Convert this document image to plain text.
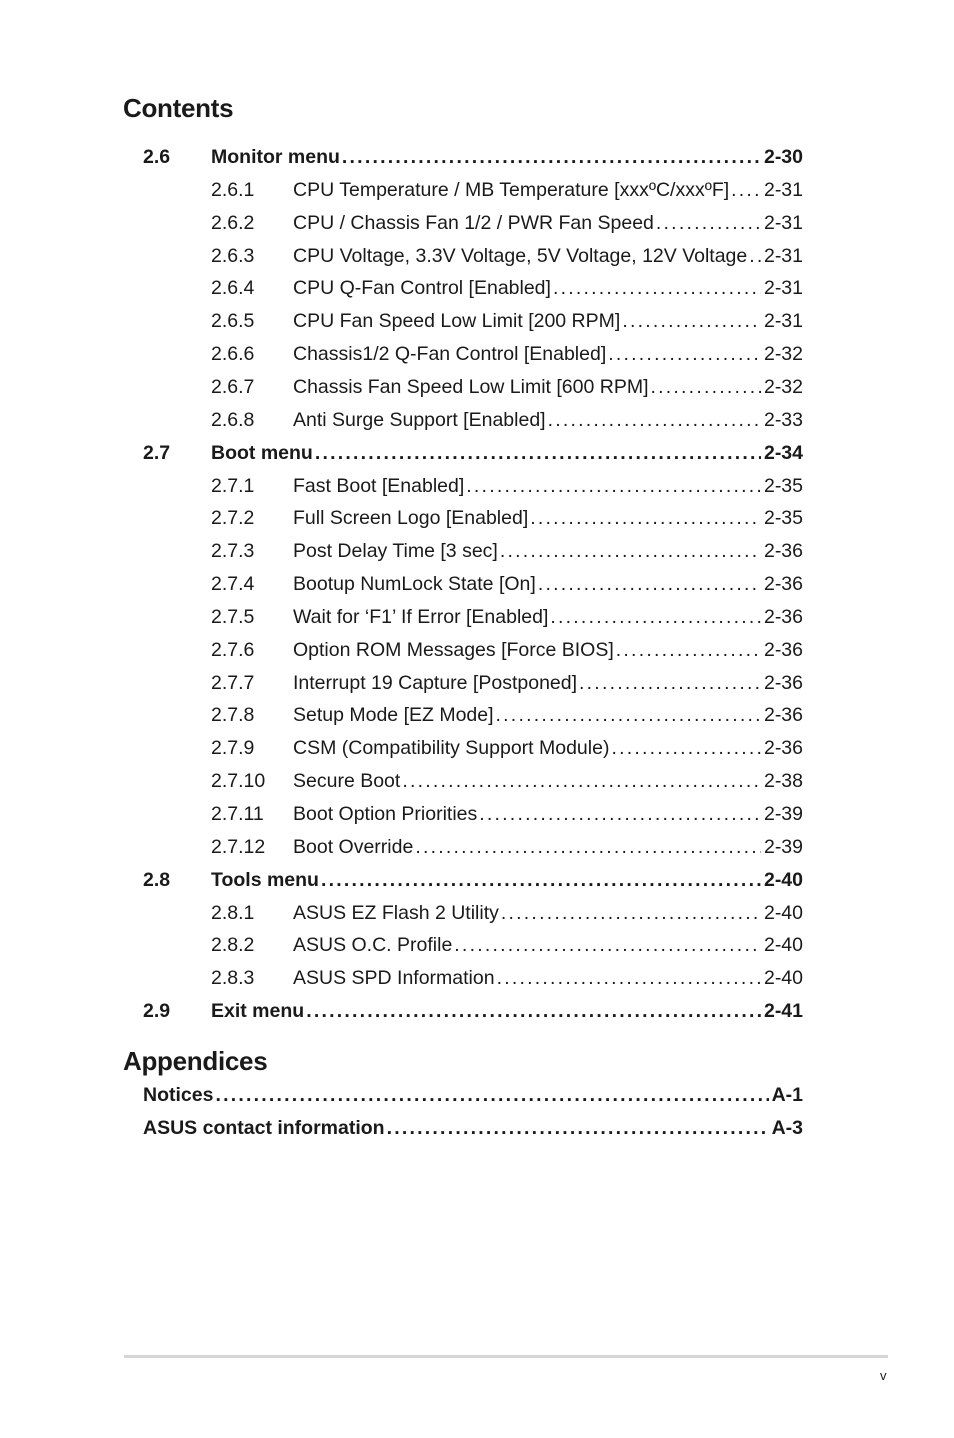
Contents
2.6 Monitor menu . . .	2-30
2.6.1 CPU Temperature / MB Temperature [xxxºC/xxxºF] . . . 2-31
2.6.2 CPU / Chassis Fan 1/2 / PWR Fan Speed . . .	2-31
2.6.3 CPU Voltage, 3.3V Voltage, 5V Voltage, 12V Voltage . . . 2-31
2.6.4 CPU Q-Fan Control [Enabled] . . .	2-31
2.6.5 CPU Fan Speed Low Limit [200 RPM] . . .	2-31
2.6.6 Chassis1/2 Q-Fan Control [Enabled] . . .	2-32
2.6.7 Chassis Fan Speed Low Limit [600 RPM] . . .	2-32
2.6.8 Anti Surge Support [Enabled] . . .	2-33
2.7 Boot menu . . .	2-34
2.7.1 Fast Boot [Enabled] . . .	2-35
2.7.2 Full Screen Logo [Enabled] . . .	2-35
2.7.3 Post Delay Time [3 sec] . . .	2-36
2.7.4 Bootup NumLock State [On] . . .	2-36
2.7.5 Wait for ‘F1’ If Error [Enabled] . . .	2-36
2.7.6 Option ROM Messages [Force BIOS] . . .	2-36
2.7.7 Interrupt 19 Capture [Postponed] . . .	2-36
2.7.8 Setup Mode [EZ Mode] . . .	2-36
2.7.9 CSM (Compatibility Support Module) . . .	2-36
2.7.10 Secure Boot . . .	2-38
2.7.11 Boot Option Priorities . . .	2-39
2.7.12 Boot Override . . .	2-39
2.8 Tools menu . . .	2-40
2.8.1 ASUS EZ Flash 2 Utility . . .	2-40
2.8.2 ASUS O.C. Profile . . .	2-40
2.8.3 ASUS SPD Information . . .	2-40
2.9 Exit menu . . .	2-41
Appendices
Notices . . .	A-1
ASUS contact information . . .	A-3
v
